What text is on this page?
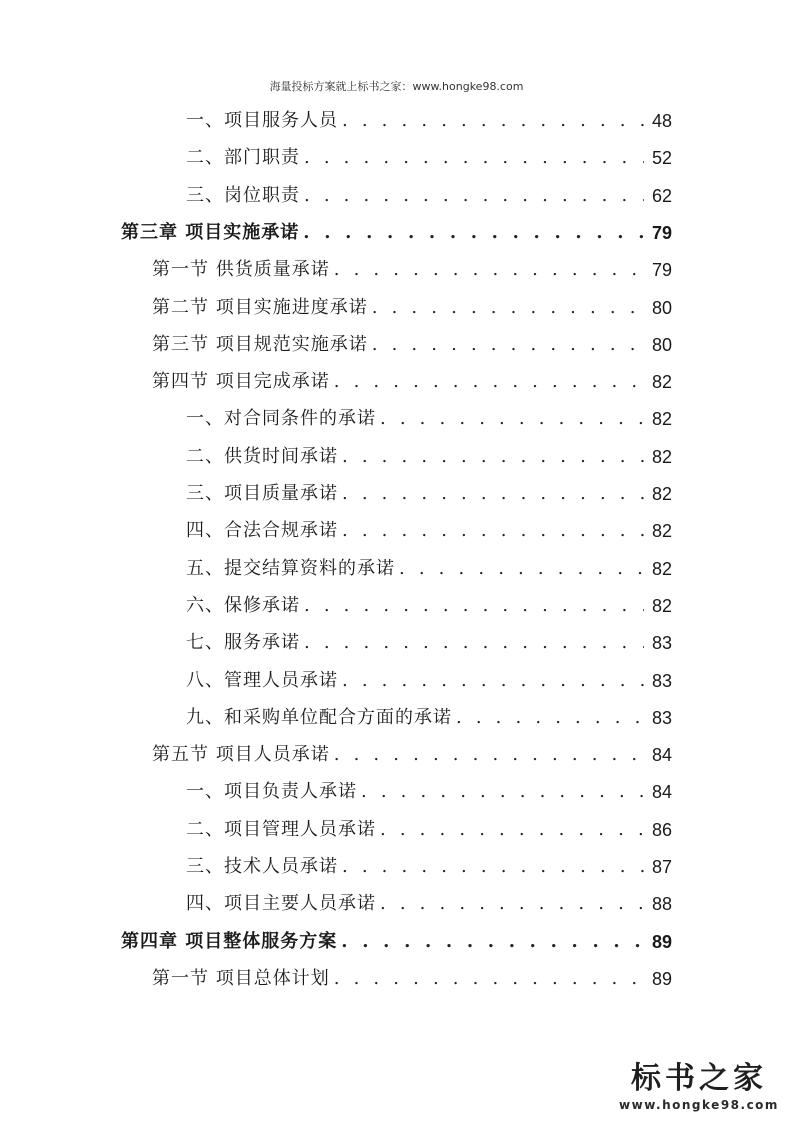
海量投标方案就上标书之家：www.hongke98.com
一、项目服务人员 . . .	48
二、部门职责 . . .	52
三、岗位职责 . . .	62
第三章 项目实施承诺 . . .	79
第一节 供货质量承诺 . . .	79
第二节 项目实施进度承诺 . . .	80
第三节 项目规范实施承诺 . . .	80
第四节 项目完成承诺 . . .	82
一、对合同条件的承诺 . . .	82
二、供货时间承诺 . . .	82
三、项目质量承诺 . . .	82
四、合法合规承诺 . . .	82
五、提交结算资料的承诺 . . .	82
六、保修承诺 . . .	82
七、服务承诺 . . .	83
八、管理人员承诺 . . .	83
九、和采购单位配合方面的承诺 . . .	83
第五节 项目人员承诺 . . .	84
一、项目负责人承诺 . . .	84
二、项目管理人员承诺 . . .	86
三、技术人员承诺 . . .	87
四、项目主要人员承诺 . . .	88
第四章 项目整体服务方案 . . .	89
第一节 项目总体计划 . . .	89
标书之家
www.hongke98.com
